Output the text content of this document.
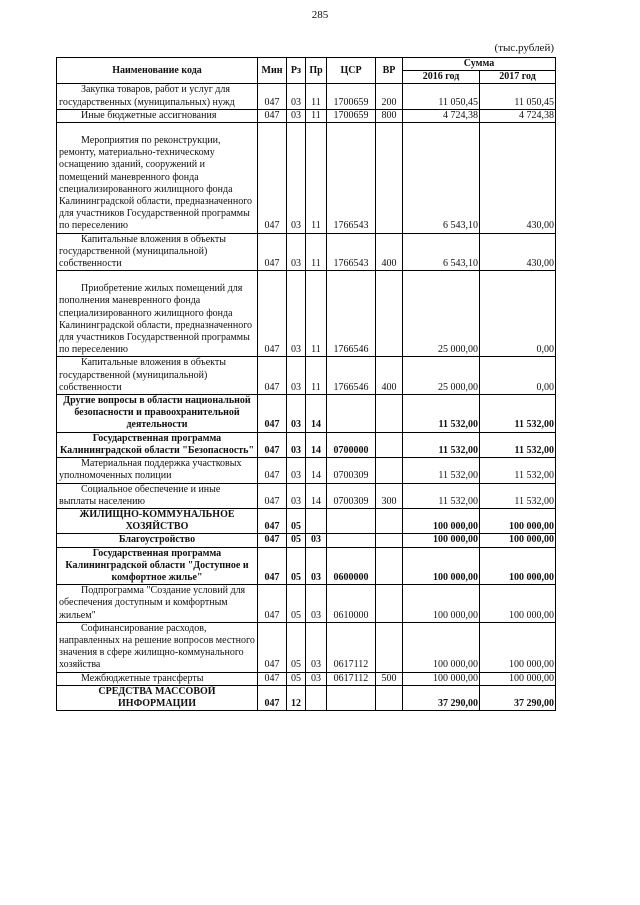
285
(тыс.рублей)
Наименование кода	Мин	Рз	Пр	ЦСР	ВР	Сумма	
						2016 год	2017 год
Закупка товаров, работ и услуг для государственных (муниципальных) нужд	047	03	11	1700659	200	11 050,45	11 050,45
Иные бюджетные ассигнования	047	03	11	1700659	800	4 724,38	4 724,38
Мероприятия по реконструкции, ремонту, материально-техническому оснащению зданий, сооружений и помещений маневренного фонда специализированного жилищного фонда Калининградской области, предназначенного для участников Государственной программы по переселению	047	03	11	1766543		6 543,10	430,00
Капитальные вложения в объекты государственной (муниципальной) собственности	047	03	11	1766543	400	6 543,10	430,00
Приобретение жилых помещений для пополнения маневренного фонда специализированного жилищного фонда Калининградской области, предназначенного для участников Государственной программы по переселению	047	03	11	1766546		25 000,00	0,00
Капитальные вложения в объекты государственной (муниципальной) собственности	047	03	11	1766546	400	25 000,00	0,00
Другие вопросы в области национальной безопасности и правоохранительной деятельности	047	03	14			11 532,00	11 532,00
Государственная программа Калининградской области "Безопасность"	047	03	14	0700000		11 532,00	11 532,00
Материальная поддержка участковых уполномоченных полиции	047	03	14	0700309		11 532,00	11 532,00
Социальное обеспечение и иные выплаты населению	047	03	14	0700309	300	11 532,00	11 532,00
ЖИЛИЩНО-КОММУНАЛЬНОЕ ХОЗЯЙСТВО	047	05				100 000,00	100 000,00
Благоустройство	047	05	03			100 000,00	100 000,00
Государственная программа Калининградской области "Доступное и комфортное жилье"	047	05	03	0600000		100 000,00	100 000,00
Подпрограмма "Создание условий для обеспечения доступным и комфортным жильем"	047	05	03	0610000		100 000,00	100 000,00
Софинансирование расходов, направленных на решение вопросов местного значения в сфере жилищно-коммунального хозяйства	047	05	03	0617112		100 000,00	100 000,00
Межбюджетные трансферты	047	05	03	0617112	500	100 000,00	100 000,00
СРЕДСТВА МАССОВОЙ ИНФОРМАЦИИ	047	12				37 290,00	37 290,00
